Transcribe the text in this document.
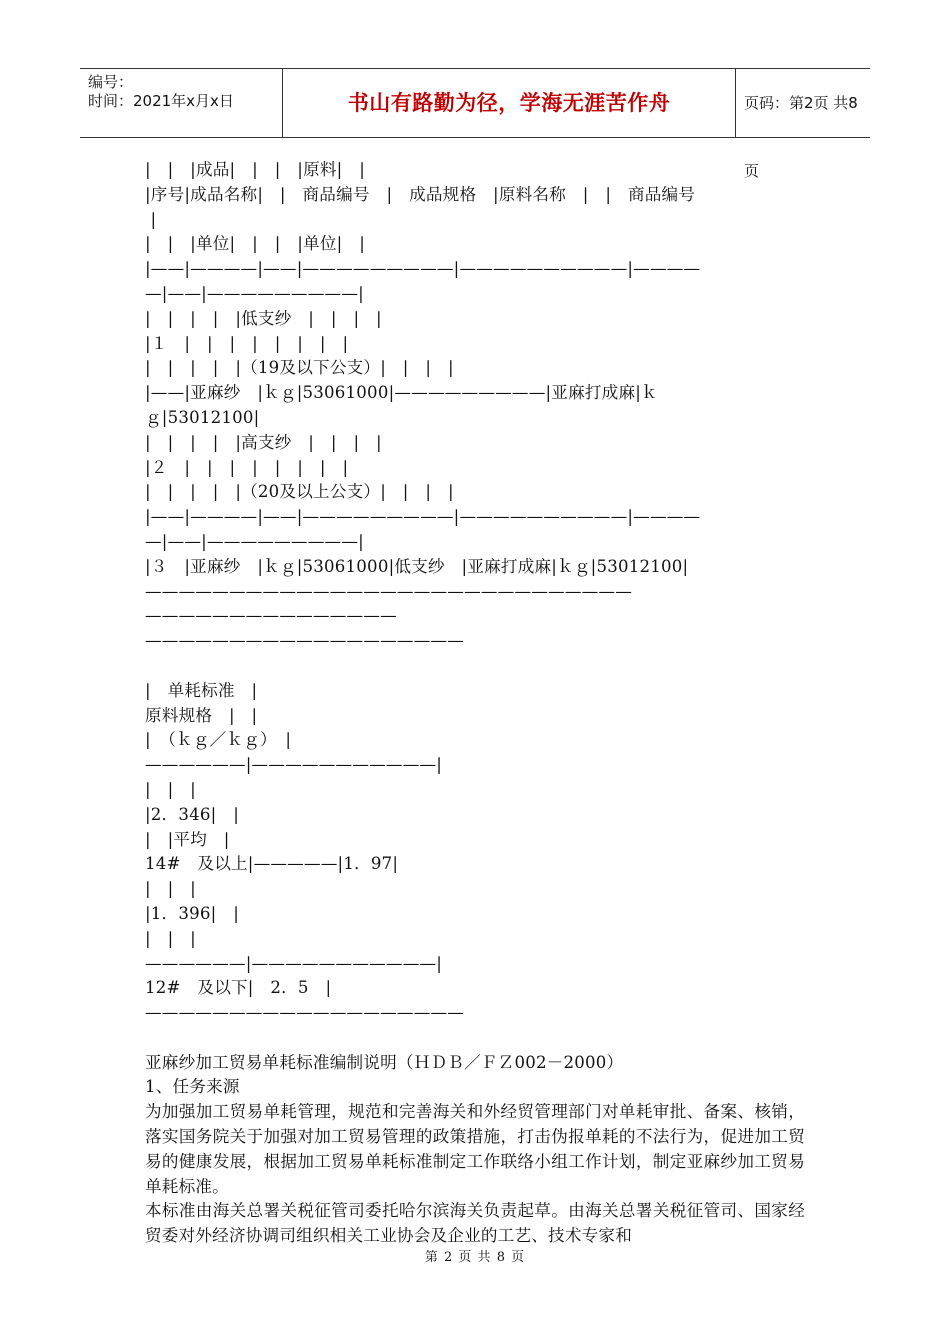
编号：
时间：2021年x月x日	书山有路勤为径，学海无涯苦作舟	页码：第2页 共8页
|　|　|成品|　|　|　|原料|　|
|序号|成品名称|　|　商品编号　|　成品规格　|原料名称　|　|　商品编号
|
|　|　|单位|　|　|　|单位|　|
|——|————|——|—————————|——————————|————
—|——|—————————|
|　|　|　|　|低支纱　|　|　|　|
|１　|　|　|　|　|　|　|　|
|　|　|　|　|（19及以下公支）|　|　|　|
|——|亚麻纱　|ｋｇ|53061000|—————————|亚麻打成麻|ｋ
ｇ|53012100|
|　|　|　|　|高支纱　|　|　|　|
|２　|　|　|　|　|　|　|　|
|　|　|　|　|（20及以上公支）|　|　|　|
|——|————|——|—————————|——————————|————
—|——|—————————|
|３　|亚麻纱　|ｋｇ|53061000|低支纱　|亚麻打成麻|ｋｇ|53012100|
—————————————————————————————
———————————————
———————————————————
|　单耗标准　|
原料规格　|　|
|　（ｋｇ／ｋｇ）　|
——————|———————————|
|　|　|
|2．346|　|
|　|平均　|
14#　及以上|—————|1．97|
|　|　|
|1．396|　|
|　|　|
——————|———————————|
12#　及以下|　2．5　|
———————————————————
亚麻纱加工贸易单耗标准编制说明（ＨＤＢ／ＦＺ002－2000）
1、任务来源
为加强加工贸易单耗管理，规范和完善海关和外经贸管理部门对单耗审批、备案、核销，落实国务院关于加强对加工贸易管理的政策措施，打击伪报单耗的不法行为，促进加工贸易的健康发展，根据加工贸易单耗标准制定工作联络小组工作计划，制定亚麻纱加工贸易单耗标准。
本标准由海关总署关税征管司委托哈尔滨海关负责起草。由海关总署关税征管司、国家经贸委对外经济协调司组织相关工业协会及企业的工艺、技术专家和
第 2 页 共 8 页
